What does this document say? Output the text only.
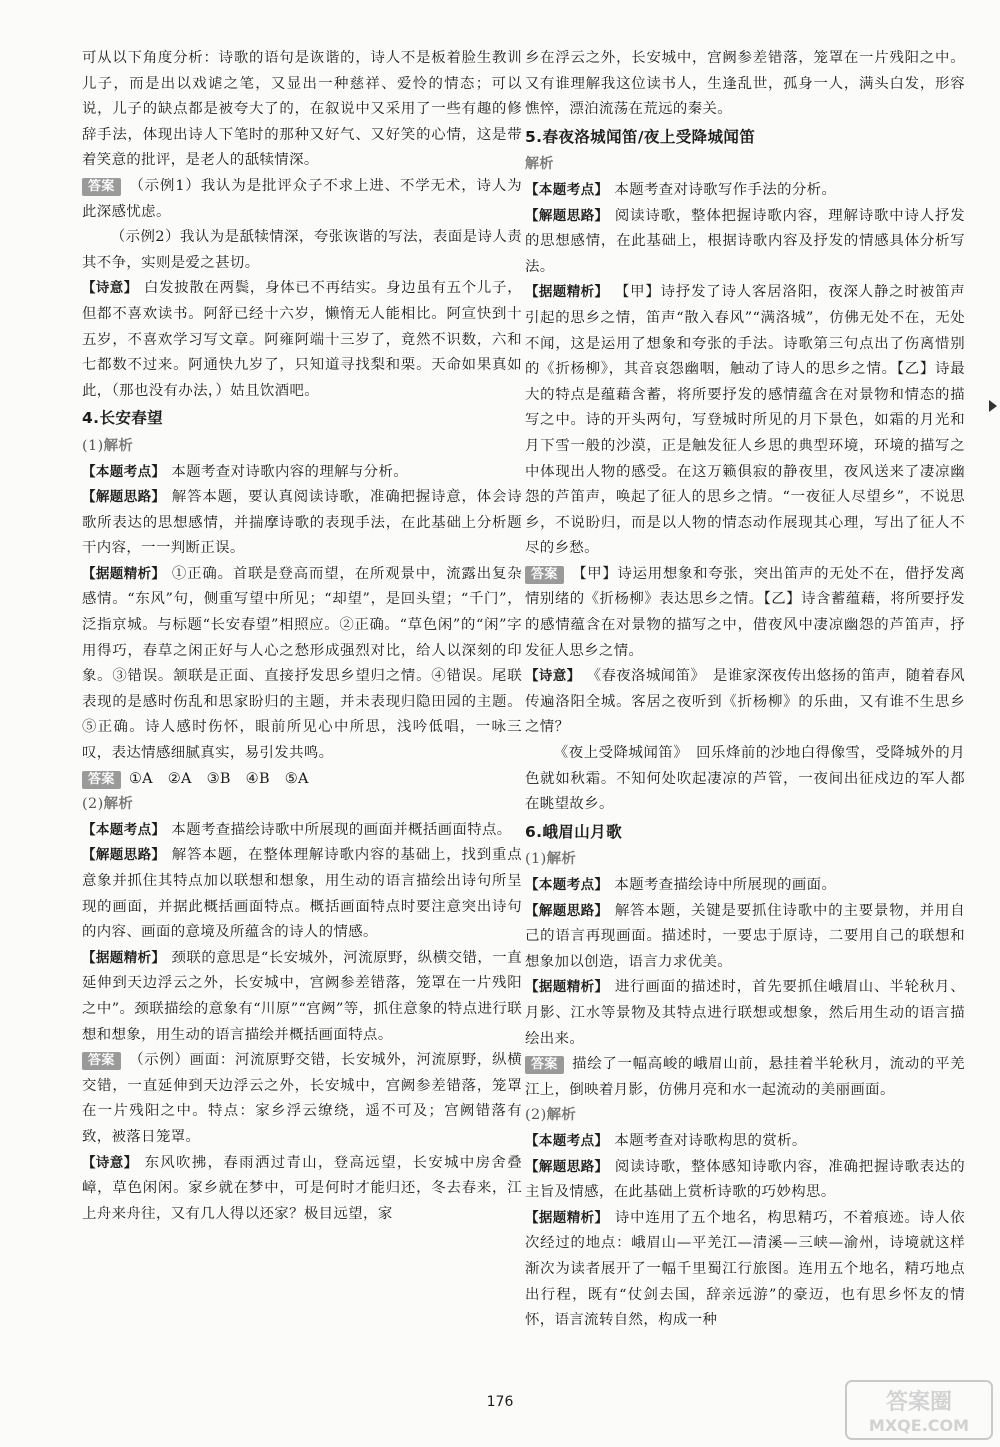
可从以下角度分析：诗歌的语句是诙谐的，诗人不是板着脸生教训儿子，而是出以戏谑之笔，又显出一种慈祥、爱怜的情态；可以说，儿子的缺点都是被夸大了的，在叙说中又采用了一些有趣的修辞手法，体现出诗人下笔时的那种又好气、又好笑的心情，这是带着笑意的批评，是老人的舐犊情深。

答案 （示例1）我认为是批评众子不求上进、不学无术，诗人为此深感忧虑。

（示例2）我认为是舐犊情深，夸张诙谐的写法，表面是诗人责其不争，实则是爱之甚切。

【诗意】 白发披散在两鬓，身体已不再结实。身边虽有五个儿子，但都不喜欢读书。阿舒已经十六岁，懒惰无人能相比。阿宣快到十五岁，不喜欢学习写文章。阿雍阿端十三岁了，竟然不识数，六和七都数不过来。阿通快九岁了，只知道寻找梨和栗。天命如果真如此，（那也没有办法，）姑且饮酒吧。

4.长安春望
(1)解析

【本题考点】 本题考查对诗歌内容的理解与分析。

【解题思路】 解答本题，要认真阅读诗歌，准确把握诗意，体会诗歌所表达的思想感情，并揣摩诗歌的表现手法，在此基础上分析题干内容，一一判断正误。

【据题精析】 ①正确。首联是登高而望，在所观景中，流露出复杂感情。“东风”句，侧重写望中所见；“却望”，是回头望；“千门”，泛指京城。与标题“长安春望”相照应。②正确。“草色闲”的“闲”字用得巧，春草之闲正好与人心之愁形成强烈对比，给人以深刻的印象。③错误。颔联是正面、直接抒发思乡望归之情。④错误。尾联表现的是感时伤乱和思家盼归的主题，并未表现归隐田园的主题。⑤正确。诗人感时伤怀，眼前所见心中所思，浅吟低唱，一咏三叹，表达情感细腻真实，易引发共鸣。

答案 ①A　②A　③B　④B　⑤A

(2)解析

【本题考点】 本题考查描绘诗歌中所展现的画面并概括画面特点。

【解题思路】 解答本题，在整体理解诗歌内容的基础上，找到重点意象并抓住其特点加以联想和想象，用生动的语言描绘出诗句所呈现的画面，并据此概括画面特点。概括画面特点时要注意突出诗句的内容、画面的意境及所蕴含的诗人的情感。

【据题精析】 颈联的意思是“长安城外，河流原野，纵横交错，一直延伸到天边浮云之外，长安城中，宫阙参差错落，笼罩在一片残阳之中”。颈联描绘的意象有“川原”“宫阙”等，抓住意象的特点进行联想和想象，用生动的语言描绘并概括画面特点。

答案 （示例）画面：河流原野交错，长安城外，河流原野，纵横交错，一直延伸到天边浮云之外，长安城中，宫阙参差错落，笼罩在一片残阳之中。特点：家乡浮云缭绕，遥不可及；宫阙错落有致，被落日笼罩。

【诗意】 东风吹拂，春雨洒过青山，登高远望，长安城中房舍叠嶂，草色闲闲。家乡就在梦中，可是何时才能归还，冬去春来，江上舟来舟往，又有几人得以还家？极目远望，家

乡在浮云之外，长安城中，宫阙参差错落，笼罩在一片残阳之中。又有谁理解我这位读书人，生逢乱世，孤身一人，满头白发，形容憔悴，漂泊流荡在荒远的秦关。

5.春夜洛城闻笛/夜上受降城闻笛
解析

【本题考点】 本题考查对诗歌写作手法的分析。

【解题思路】 阅读诗歌，整体把握诗歌内容，理解诗歌中诗人抒发的思想感情，在此基础上，根据诗歌内容及抒发的情感具体分析写法。

【据题精析】 【甲】诗抒发了诗人客居洛阳，夜深人静之时被笛声引起的思乡之情，笛声“散入春风”“满洛城”，仿佛无处不在，无处不闻，这是运用了想象和夸张的手法。诗歌第三句点出了伤离惜别的《折杨柳》，其音哀怨幽咽，触动了诗人的思乡之情。【乙】诗最大的特点是蕴藉含蓄，将所要抒发的感情蕴含在对景物和情态的描写之中。诗的开头两句，写登城时所见的月下景色，如霜的月光和月下雪一般的沙漠，正是触发征人乡思的典型环境，环境的描写之中体现出人物的感受。在这万籁俱寂的静夜里，夜风送来了凄凉幽怨的芦笛声，唤起了征人的思乡之情。“一夜征人尽望乡”，不说思乡，不说盼归，而是以人物的情态动作展现其心理，写出了征人不尽的乡愁。

答案 【甲】诗运用想象和夸张，突出笛声的无处不在，借抒发离情别绪的《折杨柳》表达思乡之情。【乙】诗含蓄蕴藉，将所要抒发的感情蕴含在对景物的描写之中，借夜风中凄凉幽怨的芦笛声，抒发征人思乡之情。

【诗意】 《春夜洛城闻笛》　是谁家深夜传出悠扬的笛声，随着春风传遍洛阳全城。客居之夜听到《折杨柳》的乐曲，又有谁不生思乡之情？

《夜上受降城闻笛》　回乐烽前的沙地白得像雪，受降城外的月色就如秋霜。不知何处吹起凄凉的芦管，一夜间出征戍边的军人都在眺望故乡。

6.峨眉山月歌
(1)解析

【本题考点】 本题考查描绘诗中所展现的画面。

【解题思路】 解答本题，关键是要抓住诗歌中的主要景物，并用自己的语言再现画面。描述时，一要忠于原诗，二要用自己的联想和想象加以创造，语言力求优美。

【据题精析】 进行画面的描述时，首先要抓住峨眉山、半轮秋月、月影、江水等景物及其特点进行联想或想象，然后用生动的语言描绘出来。

答案 描绘了一幅高峻的峨眉山前，悬挂着半轮秋月，流动的平羌江上，倒映着月影，仿佛月亮和水一起流动的美丽画面。

(2)解析

【本题考点】 本题考查对诗歌构思的赏析。

【解题思路】 阅读诗歌，整体感知诗歌内容，准确把握诗歌表达的主旨及情感，在此基础上赏析诗歌的巧妙构思。

【据题精析】 诗中连用了五个地名，构思精巧，不着痕迹。诗人依次经过的地点：峨眉山—平羌江—清溪—三峡—渝州，诗境就这样渐次为读者展开了一幅千里蜀江行旅图。连用五个地名，精巧地点出行程，既有“仗剑去国，辞亲远游”的豪迈，也有思乡怀友的情怀，语言流转自然，构成一种

176	答案圈
MXQE.COM
